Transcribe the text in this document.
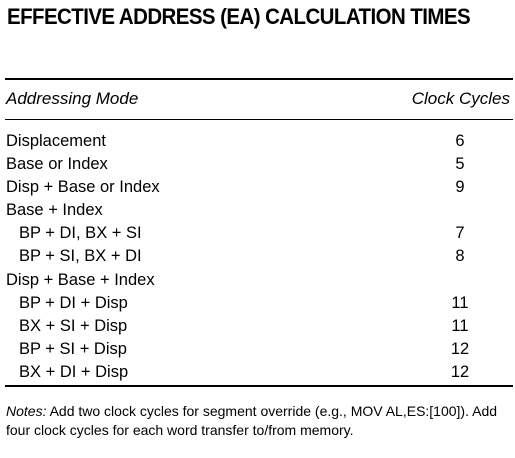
EFFECTIVE ADDRESS (EA) CALCULATION TIMES
Addressing Mode	Clock Cycles
Displacement	6
Base or Index	5
Disp + Base or Index	9
Base + Index
BP + DI, BX + SI	7
BP + SI, BX + DI	8
Disp + Base + Index
BP + DI + Disp	11
BX + SI + Disp	11
BP + SI + Disp	12
BX + DI + Disp	12
Notes: Add two clock cycles for segment override (e.g., MOV AL,ES:[100]). Add four clock cycles for each word transfer to/from memory.
